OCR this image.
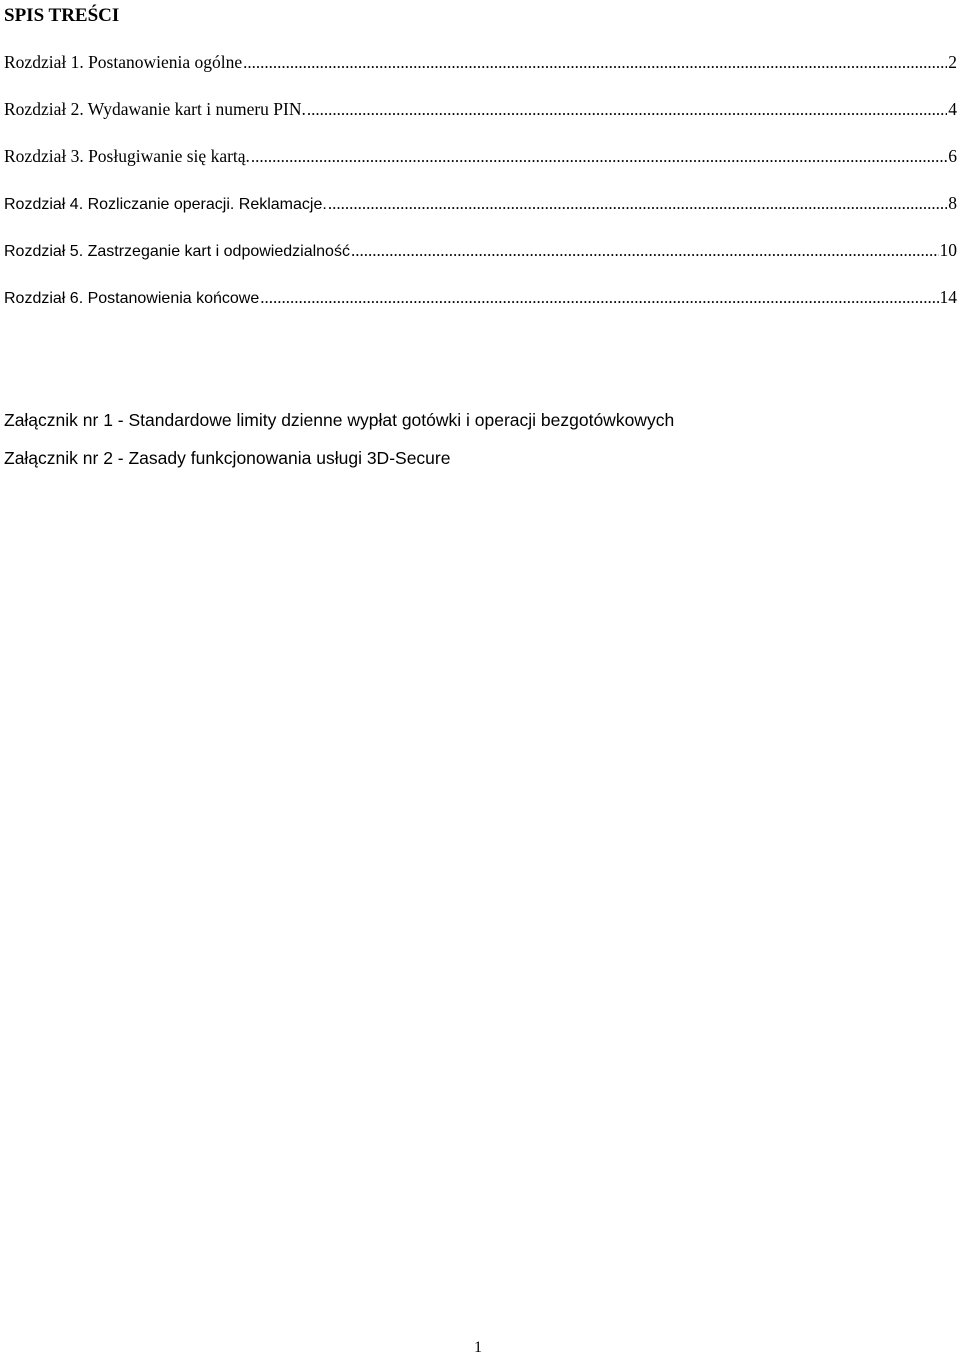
SPIS TREŚCI
Rozdział 1. Postanowienia ogólne .....	2
Rozdział 2. Wydawanie kart i numeru PIN. .....	4
Rozdział 3. Posługiwanie się kartą. .....	6
Rozdział 4. Rozliczanie operacji. Reklamacje. .....	8
Rozdział 5. Zastrzeganie kart i odpowiedzialność .....	10
Rozdział 6. Postanowienia końcowe .....	14
Załącznik nr 1 - Standardowe limity dzienne wypłat gotówki i operacji bezgotówkowych
Załącznik nr 2 - Zasady funkcjonowania usługi 3D-Secure
1
